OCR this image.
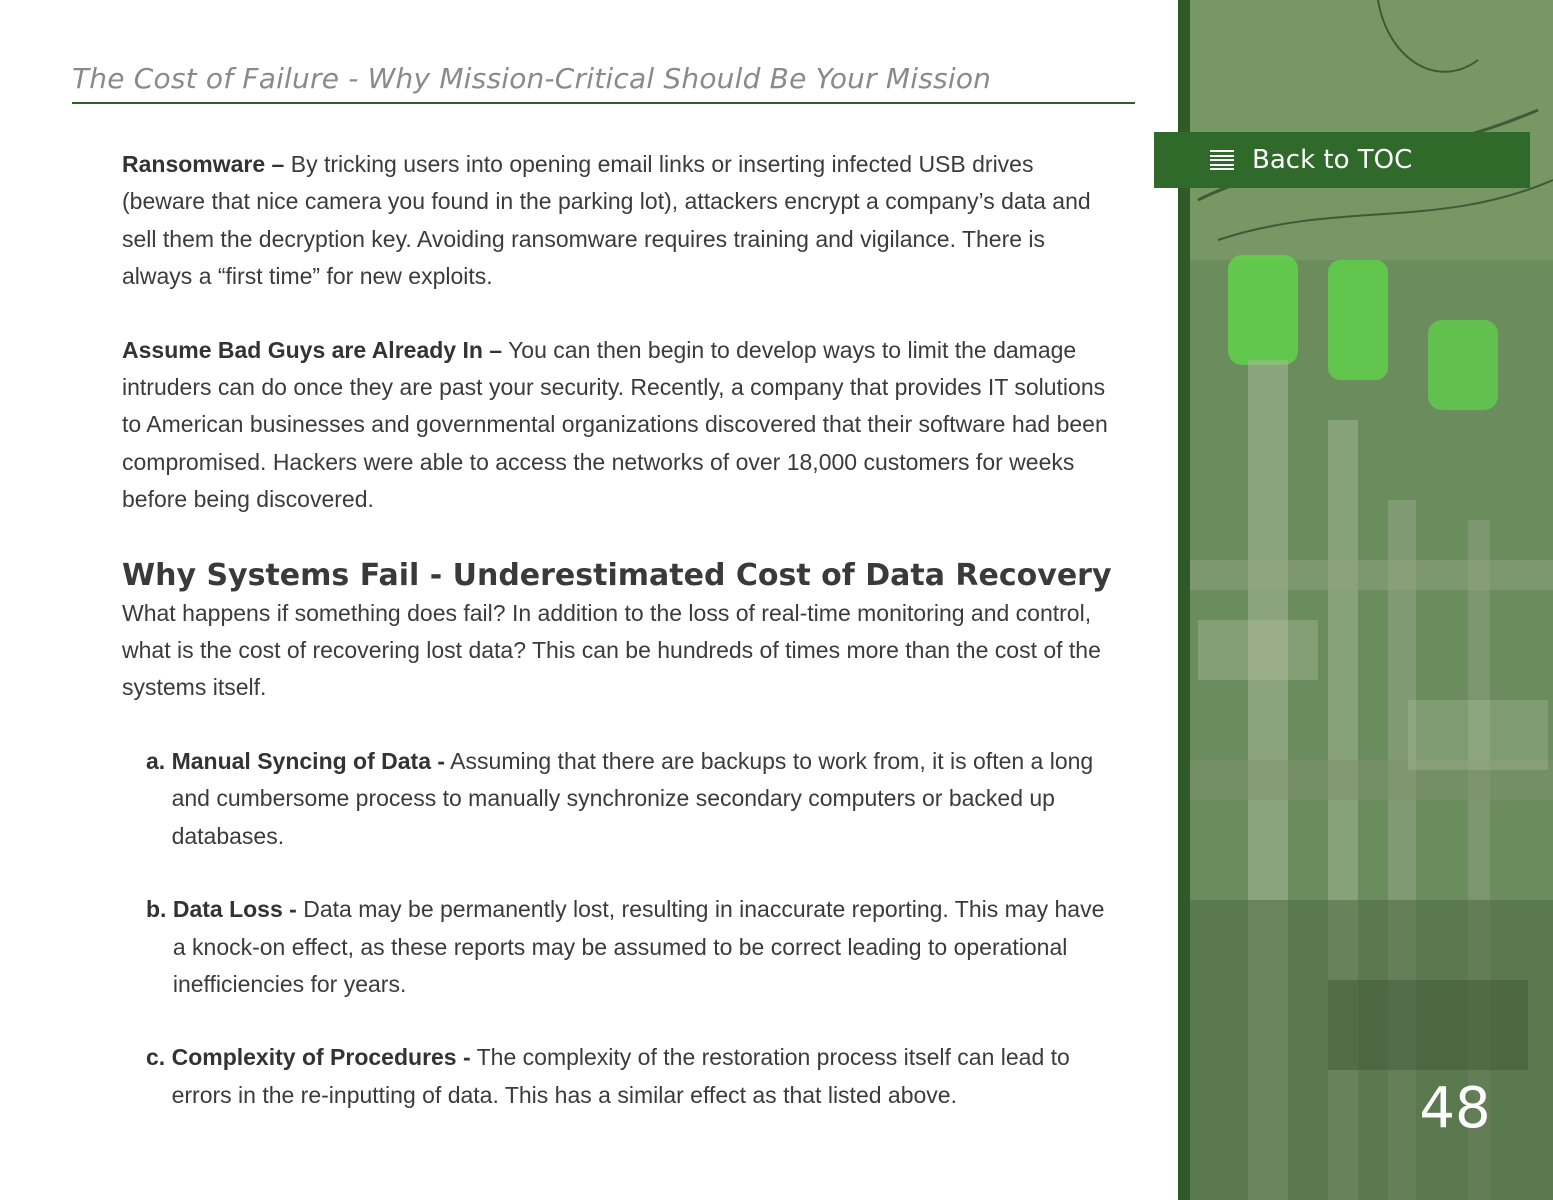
The Cost of Failure - Why Mission-Critical Should Be Your Mission

Ransomware – By tricking users into opening email links or inserting infected USB drives (beware that nice camera you found in the parking lot), attackers encrypt a company’s data and sell them the decryption key. Avoiding ransomware requires training and vigilance. There is always a “first time” for new exploits.

Assume Bad Guys are Already In – You can then begin to develop ways to limit the damage intruders can do once they are past your security. Recently, a company that provides IT solutions to American businesses and governmental organizations discovered that their software had been compromised. Hackers were able to access the networks of over 18,000 customers for weeks before being discovered.

Why Systems Fail - Underestimated Cost of Data Recovery

What happens if something does fail? In addition to the loss of real-time monitoring and control, what is the cost of recovering lost data? This can be hundreds of times more than the cost of the systems itself.

a. Manual Syncing of Data - Assuming that there are backups to work from, it is often a long and cumbersome process to manually synchronize secondary computers or backed up databases.
b. Data Loss - Data may be permanently lost, resulting in inaccurate reporting. This may have a knock-on effect, as these reports may be assumed to be correct leading to operational inefficiencies for years.
c. Complexity of Procedures - The complexity of the restoration process itself can lead to errors in the re-inputting of data. This has a similar effect as that listed above.
Back to TOC
48
